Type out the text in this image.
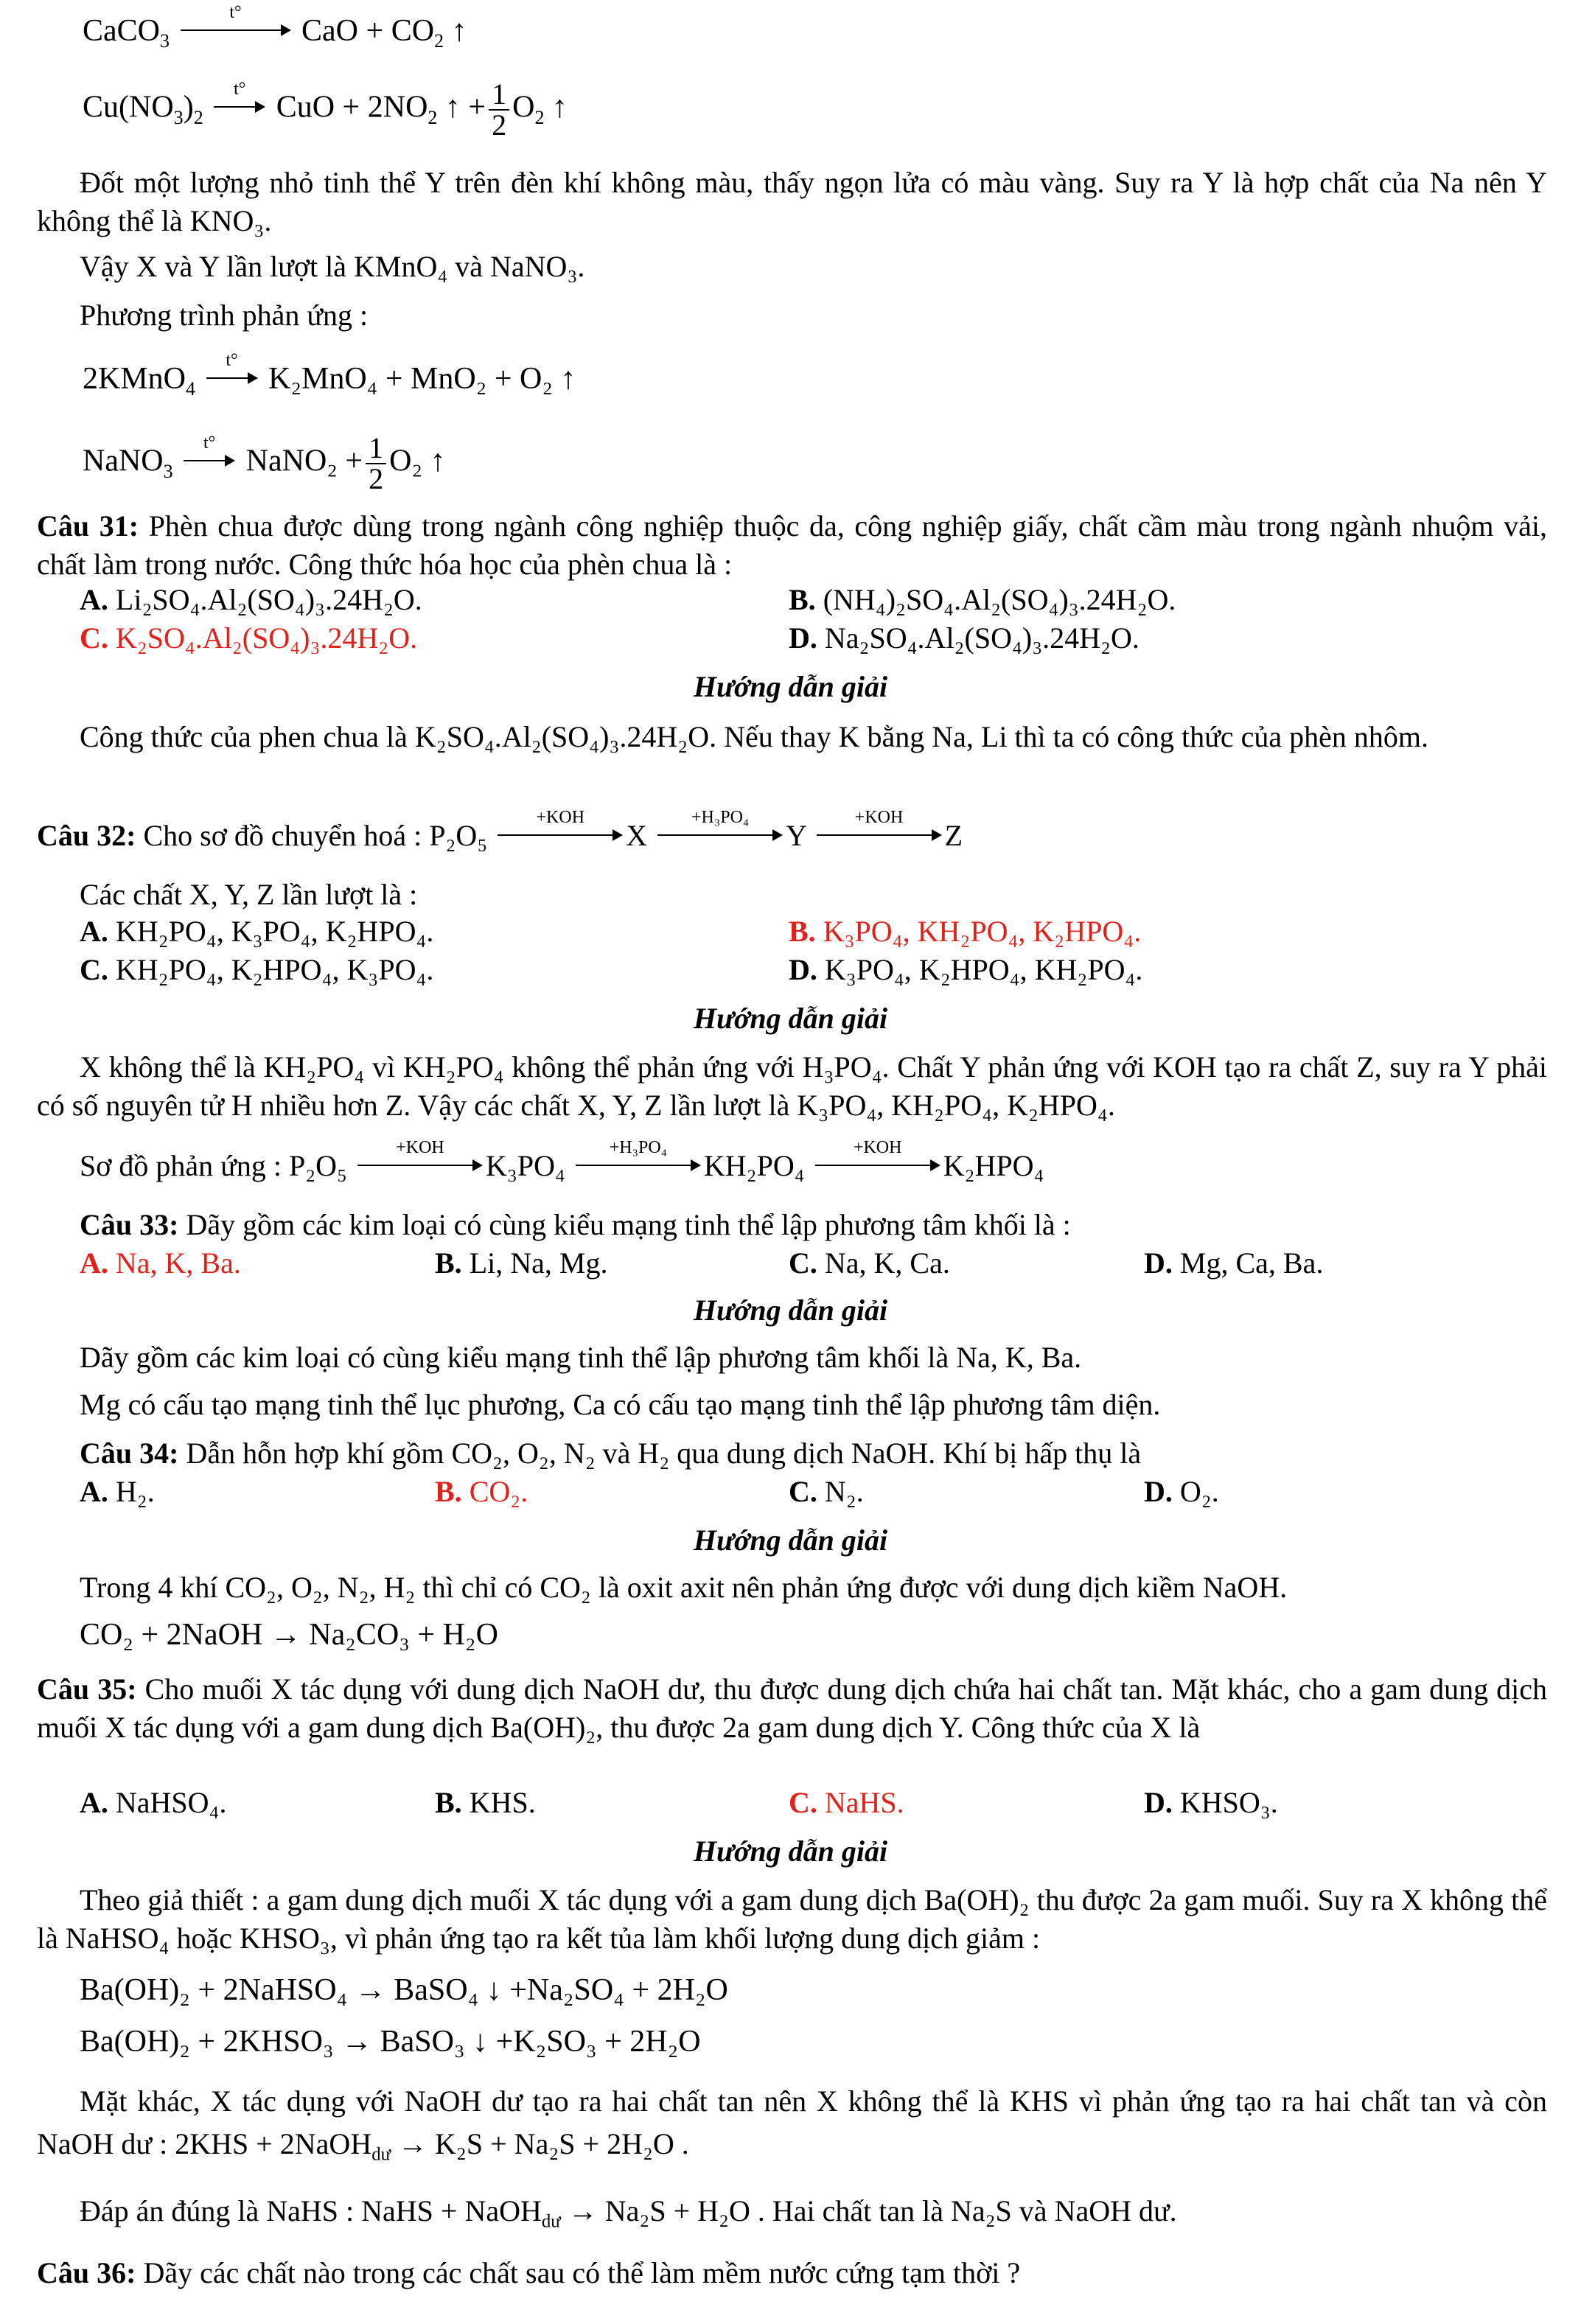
CaCO$_3$
t°
CaO + $CO_2$ ↑
$Cu(NO_3)_2$
t°
CuO + $2NO_2$ ↑ + $\frac{1}{2} O_2$ ↑
Đốt một lượng nhỏ tinh thể Y trên đèn khí không màu, thấy ngọn lửa có màu vàng. Suy ra Y là hợp chất của Na nên Y không thể là KNO₃.
Vậy X và Y lần lượt là KMnO₄ và NaNO₃.
Phương trình phản ứng :
2KMnO$_4$
t°
K₂MnO₄ + MnO₂ + O₂ ↑
NaNO$_3$
t°
NaNO₂ + $\frac{1}{2} O_2$ ↑
Câu 31: Phèn chua được dùng trong ngành công nghiệp thuộc da, công nghiệp giấy, chất cầm màu trong ngành nhuộm vải, chất làm trong nước. Công thức hóa học của phèn chua là :
A. Li₂SO₄.Al₂(SO₄)₃.24H₂O.	B. (NH₄)₂SO₄.Al₂(SO₄)₃.24H₂O.
C. K₂SO₄.Al₂(SO₄)₃.24H₂O.	D. Na₂SO₄.Al₂(SO₄)₃.24H₂O.
Hướng dẫn giải
Công thức của phen chua là K₂SO₄.Al₂(SO₄)₃.24H₂O. Nếu thay K bằng Na, Li thì ta có công thức của phèn nhôm.
Câu 32: Cho sơ đồ chuyển hoá : P₂O₅
+KOH
X
+H₃PO₄
Y
+KOH
Z
Các chất X, Y, Z lần lượt là :
A. KH₂PO₄, K₃PO₄, K₂HPO₄.	B. K₃PO₄, KH₂PO₄, K₂HPO₄.
C. KH₂PO₄, K₂HPO₄, K₃PO₄.	D. K₃PO₄, K₂HPO₄, KH₂PO₄.
Hướng dẫn giải
X không thể là KH₂PO₄ vì KH₂PO₄ không thể phản ứng với H₃PO₄. Chất Y phản ứng với KOH tạo ra chất Z, suy ra Y phải có số nguyên tử H nhiều hơn Z. Vậy các chất X, Y, Z lần lượt là K₃PO₄, KH₂PO₄, K₂HPO₄.
Sơ đồ phản ứng : P₂O₅
+KOH
K₃PO₄
+H₃PO₄
KH₂PO₄
+KOH
K₂HPO₄
Câu 33: Dãy gồm các kim loại có cùng kiểu mạng tinh thể lập phương tâm khối là :
A. Na, K, Ba.	B. Li, Na, Mg.	C. Na, K, Ca.	D. Mg, Ca, Ba.
Hướng dẫn giải
Dãy gồm các kim loại có cùng kiểu mạng tinh thể lập phương tâm khối là Na, K, Ba.
Mg có cấu tạo mạng tinh thể lục phương, Ca có cấu tạo mạng tinh thể lập phương tâm diện.
Câu 34: Dẫn hỗn hợp khí gồm CO₂, O₂, N₂ và H₂ qua dung dịch NaOH. Khí bị hấp thụ là
A. H₂.	B. CO₂.	C. N₂.	D. O₂.
Hướng dẫn giải
Trong 4 khí CO₂, O₂, N₂, H₂ thì chỉ có CO₂ là oxit axit nên phản ứng được với dung dịch kiềm NaOH.
CO₂ + 2NaOH → Na₂CO₃ + H₂O
Câu 35: Cho muối X tác dụng với dung dịch NaOH dư, thu được dung dịch chứa hai chất tan. Mặt khác, cho a gam dung dịch muối X tác dụng với a gam dung dịch Ba(OH)₂, thu được 2a gam dung dịch Y. Công thức của X là
A. NaHSO₄.	B. KHS.	C. NaHS.	D. KHSO₃.
Hướng dẫn giải
Theo giả thiết : a gam dung dịch muối X tác dụng với a gam dung dịch Ba(OH)₂ thu được 2a gam muối. Suy ra X không thể là NaHSO₄ hoặc KHSO₃, vì phản ứng tạo ra kết tủa làm khối lượng dung dịch giảm :
Ba(OH)₂ + 2NaHSO₄ → BaSO₄ ↓ +Na₂SO₄ + 2H₂O
Ba(OH)₂ + 2KHSO₃ → BaSO₃ ↓ +K₂SO₃ + 2H₂O
Mặt khác, X tác dụng với NaOH dư tạo ra hai chất tan nên X không thể là KHS vì phản ứng tạo ra hai chất tan và còn NaOH dư : 2KHS + 2NaOH$_{dư}$ → K₂S + Na₂S + 2H₂O .
Đáp án đúng là NaHS : NaHS + NaOH$_{dư}$ → Na₂S + H₂O . Hai chất tan là Na₂S và NaOH dư.
Câu 36: Dãy các chất nào trong các chất sau có thể làm mềm nước cứng tạm thời ?
